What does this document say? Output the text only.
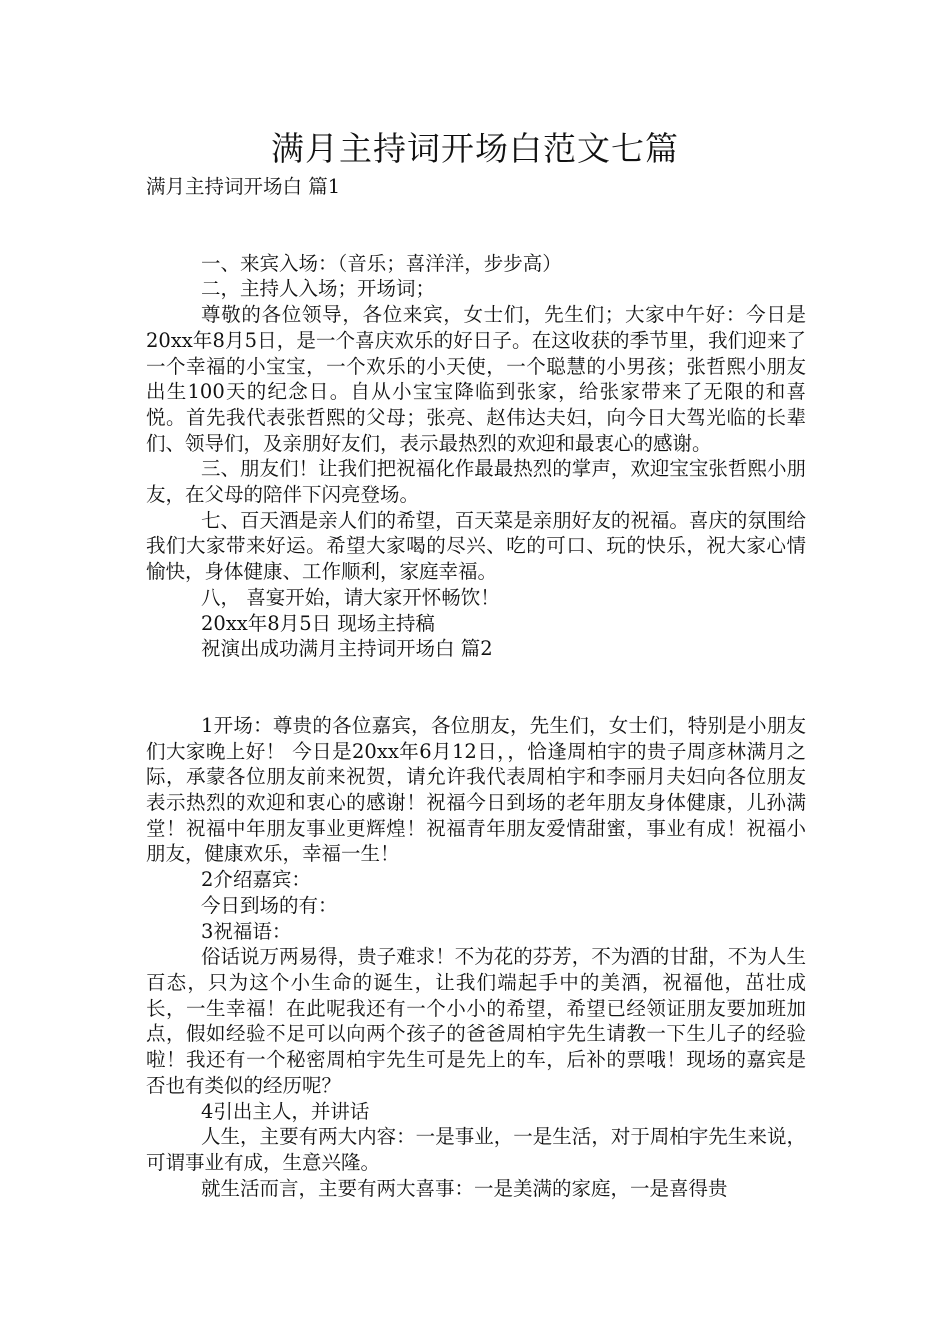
满月主持词开场白范文七篇

满月主持词开场白 篇1

一、来宾入场：（音乐；喜洋洋，步步高）

二，主持人入场；开场词；

尊敬的各位领导，各位来宾，女士们，先生们；大家中午好：今日是20xx年8月5日，是一个喜庆欢乐的好日子。在这收获的季节里，我们迎来了一个幸福的小宝宝，一个欢乐的小天使，一个聪慧的小男孩；张哲熙小朋友出生100天的纪念日。自从小宝宝降临到张家，给张家带来了无限的和喜悦。首先我代表张哲熙的父母；张亮、赵伟达夫妇，向今日大驾光临的长辈们、领导们，及亲朋好友们，表示最热烈的欢迎和最衷心的感谢。

三、朋友们！让我们把祝福化作最最热烈的掌声，欢迎宝宝张哲熙小朋友，在父母的陪伴下闪亮登场。

七、百天酒是亲人们的希望，百天菜是亲朋好友的祝福。喜庆的氛围给我们大家带来好运。希望大家喝的尽兴、吃的可口、玩的快乐，祝大家心情愉快，身体健康、工作顺利，家庭幸福。

八， 喜宴开始，请大家开怀畅饮！

20xx年8月5日 现场主持稿

祝演出成功满月主持词开场白 篇2

1开场：尊贵的各位嘉宾，各位朋友，先生们，女士们，特别是小朋友们大家晚上好！ 今日是20xx年6月12日，，恰逢周柏宇的贵子周彦林满月之际，承蒙各位朋友前来祝贺，请允许我代表周柏宇和李丽月夫妇向各位朋友表示热烈的欢迎和衷心的感谢！祝福今日到场的老年朋友身体健康，儿孙满堂！祝福中年朋友事业更辉煌！祝福青年朋友爱情甜蜜，事业有成！祝福小朋友，健康欢乐，幸福一生！

2介绍嘉宾：

今日到场的有：

3祝福语：

俗话说万两易得，贵子难求！不为花的芬芳，不为酒的甘甜，不为人生百态，只为这个小生命的诞生，让我们端起手中的美酒，祝福他，茁壮成长，一生幸福！在此呢我还有一个小小的希望，希望已经领证朋友要加班加点，假如经验不足可以向两个孩子的爸爸周柏宇先生请教一下生儿子的经验啦！我还有一个秘密周柏宇先生可是先上的车，后补的票哦！现场的嘉宾是否也有类似的经历呢？

4引出主人，并讲话

人生，主要有两大内容：一是事业，一是生活，对于周柏宇先生来说，可谓事业有成，生意兴隆。

就生活而言，主要有两大喜事：一是美满的家庭，一是喜得贵
